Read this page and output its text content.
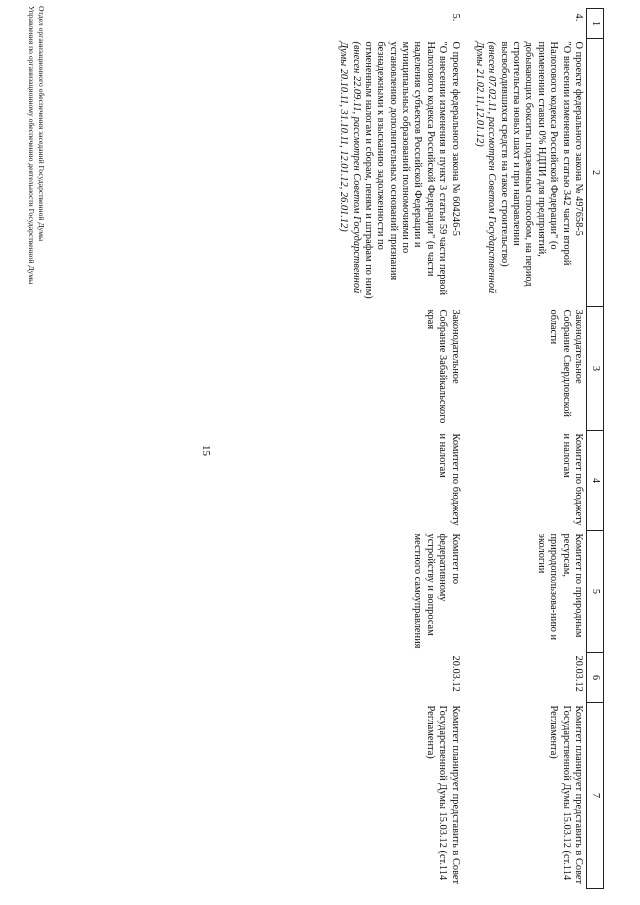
15
1	2	3	4	5	6	7
4.	О проекте федерального закона № 497658-5
"О внесении изменения в статью 342 части второй Налогового кодекса Российской Федерации" (о применении ставки 0% НДПИ для предприятий, добывающих бокситы подземным способом, на период строительства новых шахт и при направлении высвободившихся средств на такое строительство)
(внесен 07.02.11, рассмотрен Советом Государственной Думы 21.02.11,12.01.12)	Законодательное Собрание Свердловской области	Комитет по бюджету и налогам	Комитет по природным ресурсам, природопользова-нию и экологии	20.03.12	Комитет планирует представить в Совет Государственной Думы 15.03.12 (ст.114 Регламента)
5.	О проекте федерального закона № 604246-5
"О внесении изменения в пункт 3 статьи 59 части первой Налогового кодекса Российской Федерации" (в части наделения субъектов Российской Федерации и муниципальных образований полномочиями по установлению дополнительных оснований признания безнадежными к взысканию задолженности по отмененным налогам и сборам, пеням и штрафам по ним)
(внесен 22.09.11, рассмотрен Советом Государственной Думы 20.10.11, 31.10.11, 12.01.12, 26.01.12)	Законодательное Собрание Забайкальского края	Комитет по бюджету и налогам	Комитет по федеративному устройству и вопросам местного самоуправления	20.03.12	Комитет планирует представить в Совет Государственной Думы 15.03.12 (ст.114 Регламента)
Отдел организационного обеспечения заседаний Государственной Думы
Управления по организационному обеспечению деятельности Государственной Думы
